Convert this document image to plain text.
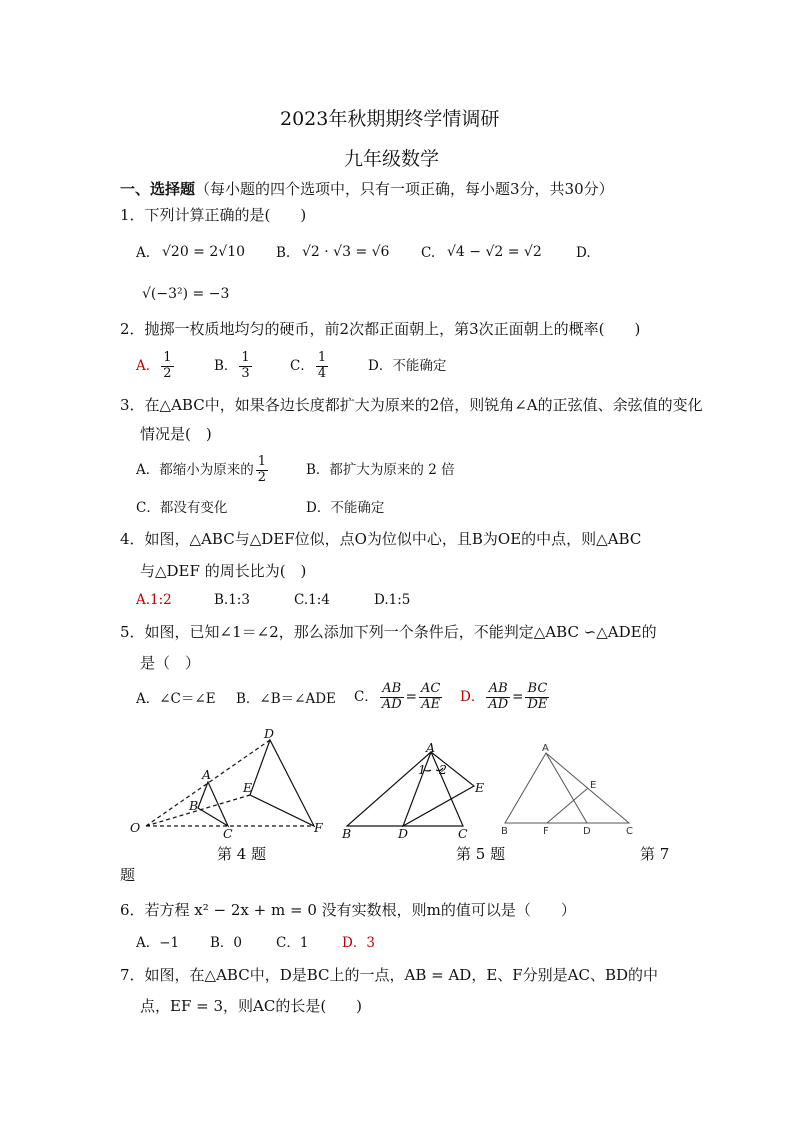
2023年秋期期终学情调研
九年级数学
一、选择题（每小题的四个选项中，只有一项正确，每小题3分，共30分）
1．下列计算正确的是(　　)
A. √20 = 2√10 B. √2 · √3 = √6 C. √4 − √2 = √2	D.
√(−3²) = −3
2．抛掷一枚质地均匀的硬币，前2次都正面朝上，第3次正面朝上的概率(　　)
A． $\frac{1}{2}$	B． $\frac{1}{3}$	C． $\frac{1}{4}$	D．不能确定
3．在△ABC中，如果各边长度都扩大为原来的2倍，则锐角∠A的正弦值、余弦值的变化
情况是(　)
A．都缩小为原来的 $\frac{1}{2}$	B．都扩大为原来的 2 倍
C．都没有变化	D．不能确定
4．如图，△ABC与△DEF位似，点O为位似中心，且B为OE的中点，则△ABC
与△DEF 的周长比为(　)
A.1:2	B.1:3	C.1:4	D.1:5
5．如图，已知∠1＝∠2，那么添加下列一个条件后，不能判定△ABC ∽△ADE的
是（　）
A．∠C＝∠E B．∠B＝∠ADE C． $\frac{AB}{AD} = \frac{AC}{AE}$ D． $\frac{AB}{AD} = \frac{BC}{DE}$
D
A
E
B
O	C	F
A
1 2
E
B	D	C
A
E
B	F	D	C
第 4 题	第 5 题	第 7
题
6．若方程 x² − 2x + m = 0 没有实数根，则m的值可以是（　　）
A．−1 B．0	C．1 D．3
7．如图，在△ABC中，D是BC上的一点，AB = AD，E、F分别是AC、BD的中
点，EF = 3，则AC的长是(　　)
